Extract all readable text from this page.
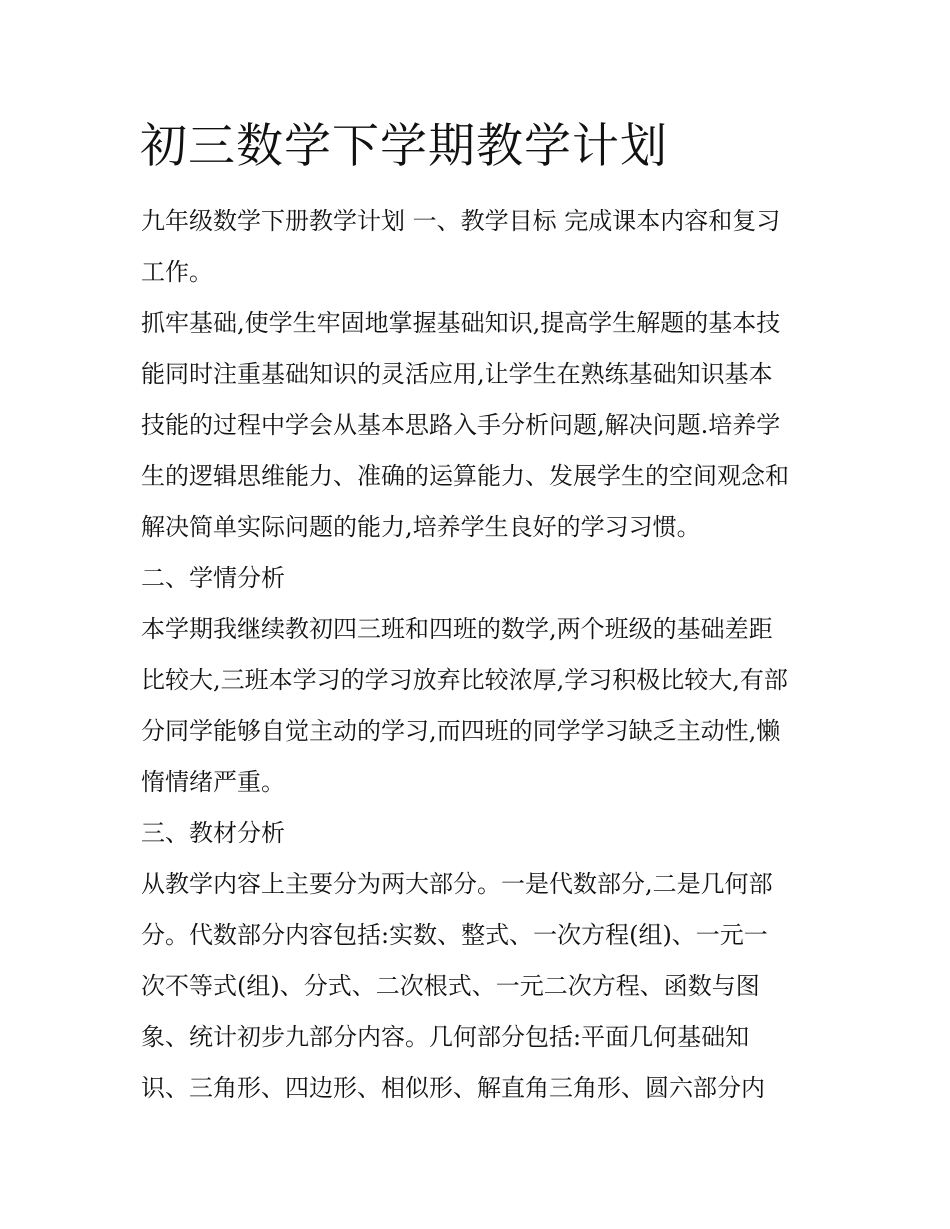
初三数学下学期教学计划
九年级数学下册教学计划 一、教学目标 完成课本内容和复习
工作。
抓牢基础,使学生牢固地掌握基础知识,提高学生解题的基本技
能同时注重基础知识的灵活应用,让学生在熟练基础知识基本
技能的过程中学会从基本思路入手分析问题,解决问题.培养学
生的逻辑思维能力、准确的运算能力、发展学生的空间观念和
解决简单实际问题的能力,培养学生良好的学习习惯。
二、学情分析
本学期我继续教初四三班和四班的数学,两个班级的基础差距
比较大,三班本学习的学习放弃比较浓厚,学习积极比较大,有部
分同学能够自觉主动的学习,而四班的同学学习缺乏主动性,懒
惰情绪严重。
三、教材分析
从教学内容上主要分为两大部分。一是代数部分,二是几何部
分。代数部分内容包括:实数、整式、一次方程(组)、一元一
次不等式(组)、分式、二次根式、一元二次方程、函数与图
象、统计初步九部分内容。几何部分包括:平面几何基础知
识、三角形、四边形、相似形、解直角三角形、圆六部分内
